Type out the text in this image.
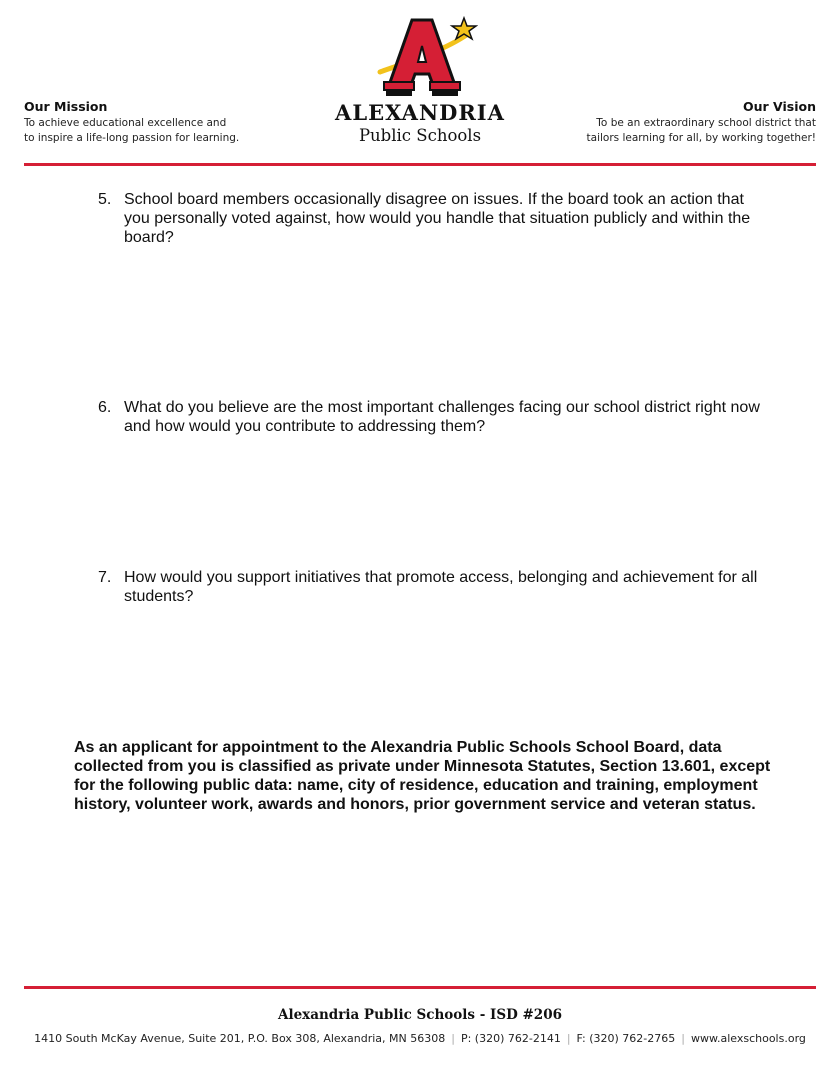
Our Mission
To achieve educational excellence and
to inspire a life-long passion for learning.
ALEXANDRIA
Public Schools
Our Vision
To be an extraordinary school district that
tailors learning for all, by working together!
5. School board members occasionally disagree on issues. If the board took an action that you personally voted against, how would you handle that situation publicly and within the board?
6. What do you believe are the most important challenges facing our school district right now and how would you contribute to addressing them?
7. How would you support initiatives that promote access, belonging and achievement for all students?
As an applicant for appointment to the Alexandria Public Schools School Board, data collected from you is classified as private under Minnesota Statutes, Section 13.601, except for the following public data: name, city of residence, education and training, employment history, volunteer work, awards and honors, prior government service and veteran status.
Alexandria Public Schools - ISD #206
1410 South McKay Avenue, Suite 201, P.O. Box 308, Alexandria, MN 56308 | P: (320) 762-2141 | F: (320) 762-2765 | www.alexschools.org
